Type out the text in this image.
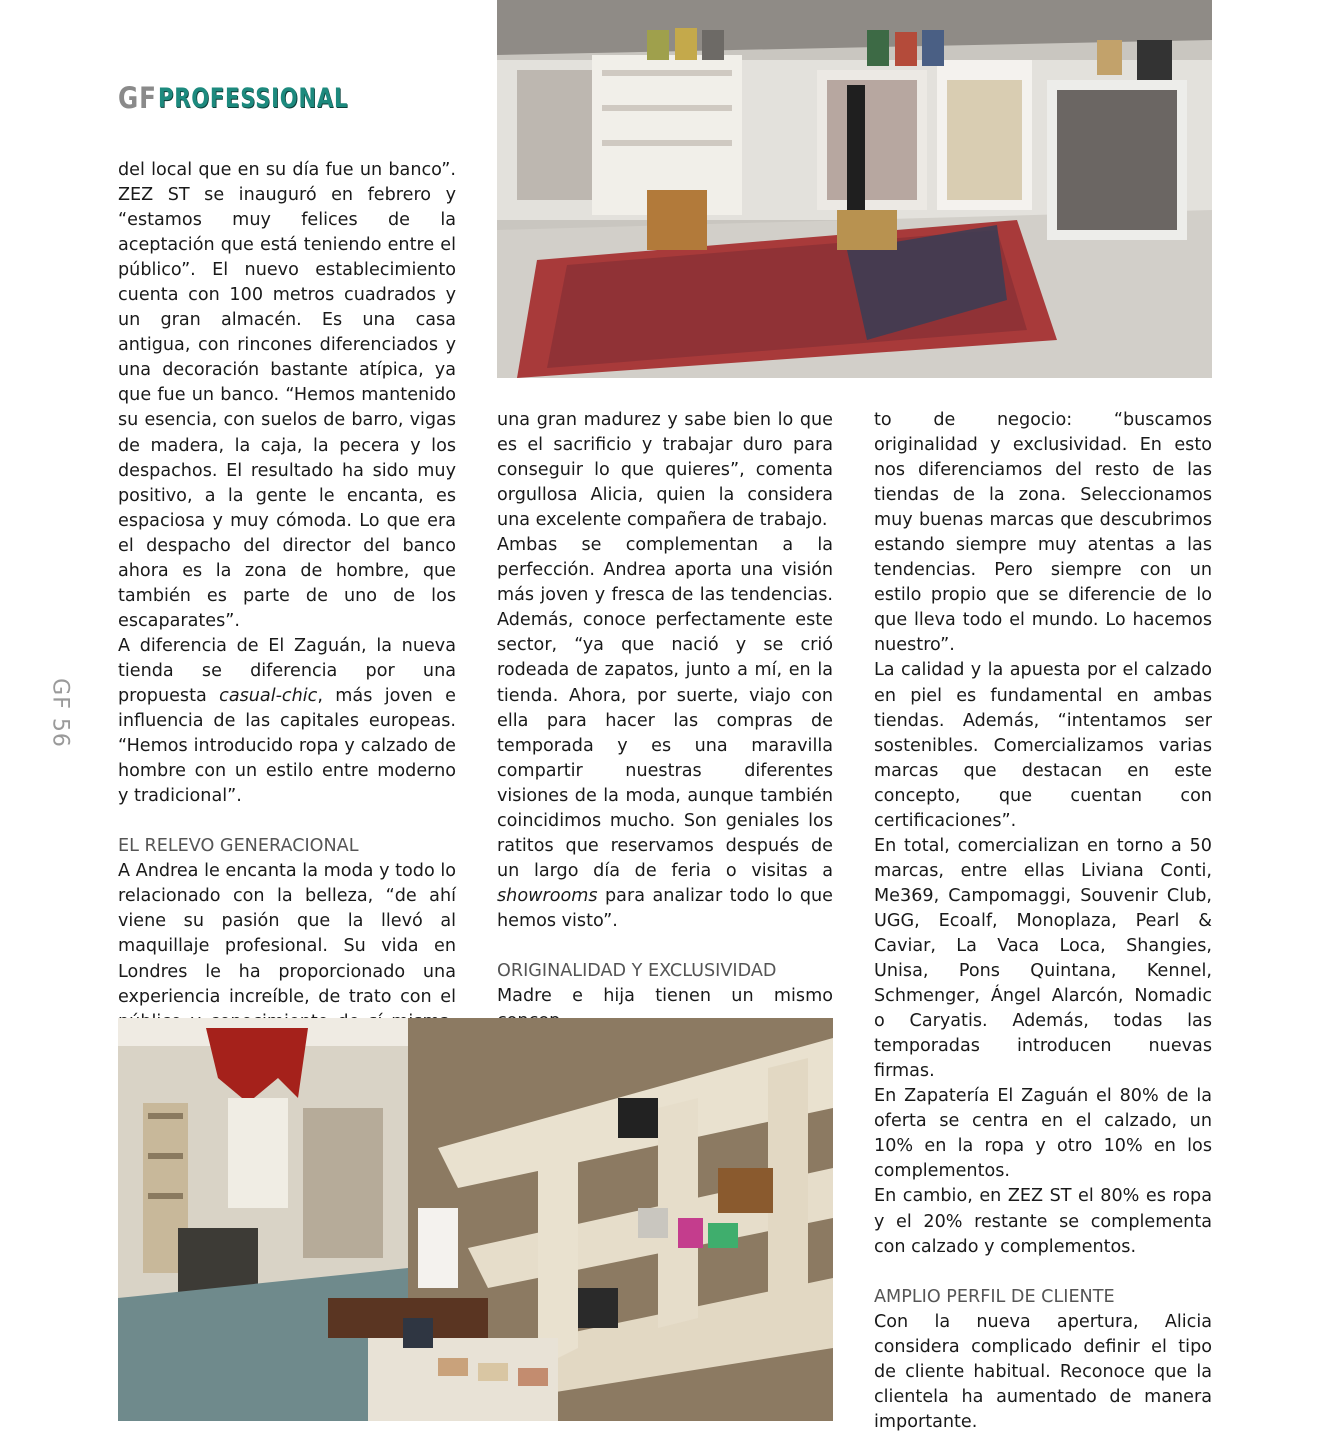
GF PROFESSIONAL

del local que en su día fue un banco”. ZEZ ST se inauguró en febrero y “estamos muy felices de la aceptación que está teniendo entre el público”. El nuevo establecimiento cuenta con 100 metros cuadrados y un gran almacén. Es una casa antigua, con rincones diferenciados y una decoración bastante atípica, ya que fue un banco. “Hemos mantenido su esencia, con suelos de barro, vigas de madera, la caja, la pecera y los despachos. El resultado ha sido muy positivo, a la gente le encanta, es espaciosa y muy cómoda. Lo que era el despacho del director del banco ahora es la zona de hombre, que también es parte de uno de los escaparates”.

A diferencia de El Zaguán, la nueva tienda se diferencia por una propuesta casual-chic, más joven e influencia de las capitales europeas. “Hemos introducido ropa y calzado de hombre con un estilo entre moderno y tradicional”.

EL RELEVO GENERACIONAL

A Andrea le encanta la moda y todo lo relacionado con la belleza, “de ahí viene su pasión que la llevó al maquillaje profesional. Su vida en Londres le ha proporcionado una experiencia increíble, de trato con el

una gran madurez y sabe bien lo que es el sacrificio y trabajar duro para conseguir lo que quieres”, comenta orgullosa Alicia, quien la considera una excelente compañera de trabajo.

Ambas se complementan a la perfección. Andrea aporta una visión más joven y fresca de las tendencias. Además, conoce perfectamente este sector, “ya que nació y se crió rodeada de zapatos, junto a mí, en la tienda. Ahora, por suerte, viajo con ella para hacer las compras de temporada y es una maravilla compartir nuestras diferentes visiones de la moda, aunque también coincidimos mucho. Son geniales los ratitos que reservamos después de un largo día de feria o visitas a showrooms para analizar todo lo que hemos visto”.

ORIGINALIDAD Y EXCLUSIVIDAD

Madre e hija tienen un mismo

to de negocio: “buscamos originalidad y exclusividad. En esto nos diferenciamos del resto de las tiendas de la zona. Seleccionamos muy buenas marcas que descubrimos estando siempre muy atentas a las tendencias. Pero siempre con un estilo propio que se diferencie de lo que lleva todo el mundo. Lo hacemos nuestro”.

La calidad y la apuesta por el calzado en piel es fundamental en ambas tiendas. Además, “intentamos ser sostenibles. Comercializamos varias marcas que destacan en este concepto, que cuentan con certificaciones”.

En total, comercializan en torno a 50 marcas, entre ellas Liviana Conti, Me369, Campomaggi, Souvenir Club, UGG, Ecoalf, Monoplaza, Pearl & Caviar, La Vaca Loca, Shangies, Unisa, Pons Quintana, Kennel, Schmenger, Ángel Alarcón, Nomadic o Caryatis. Además, todas las temporadas introducen nuevas firmas.

En Zapatería El Zaguán el 80% de la oferta se centra en el calzado, un 10% en la ropa y otro 10% en los complementos.

En cambio, en ZEZ ST el 80% es ropa y el 20% restante se complementa con calzado y complementos.

AMPLIO PERFIL DE CLIENTE

Con la nueva apertura, Alicia considera complicado definir el tipo de cliente habitual. Reconoce que la clientela ha aumentado de manera importante.

GF 56
